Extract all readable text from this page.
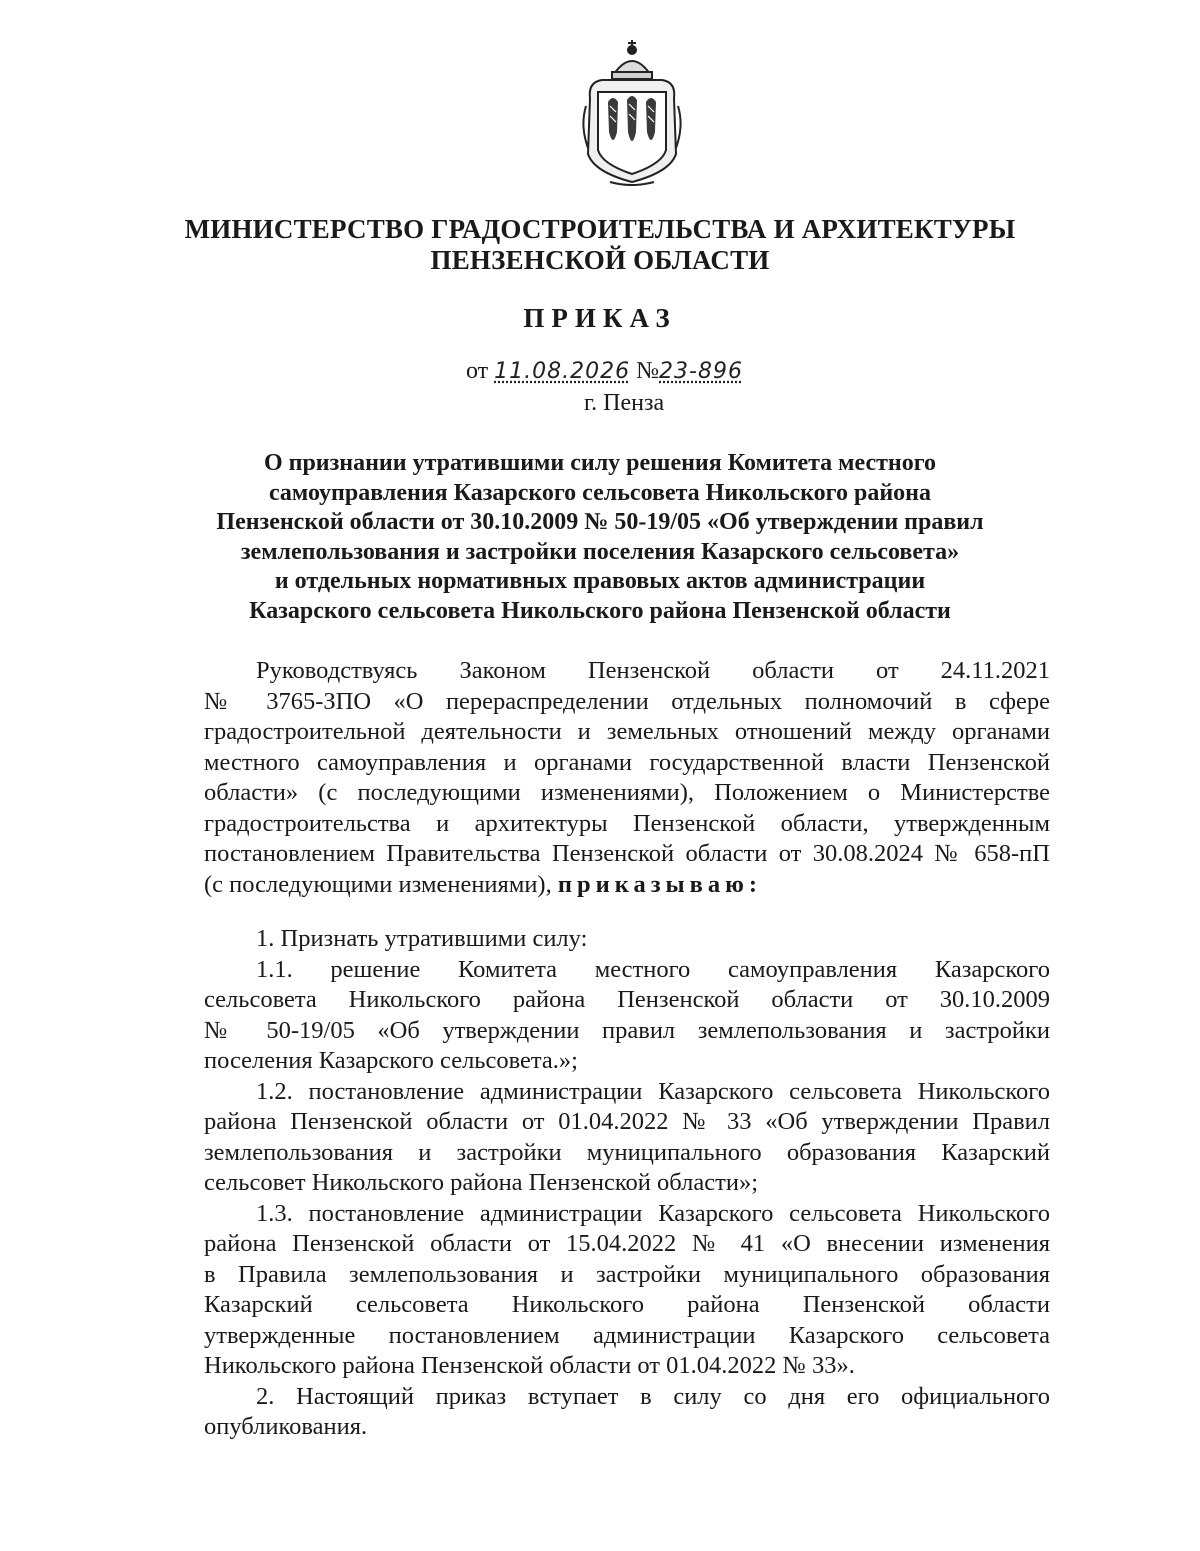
МИНИСТЕРСТВО ГРАДОСТРОИТЕЛЬСТВА И АРХИТЕКТУРЫ
ПЕНЗЕНСКОЙ ОБЛАСТИ
ПРИКАЗ
от 11.08.2026 №23-896
г. Пенза
О признании утратившими силу решения Комитета местного
самоуправления Казарского сельсовета Никольского района
Пензенской области от 30.10.2009 № 50-19/05 «Об утверждении правил
землепользования и застройки поселения Казарского сельсовета»
и отдельных нормативных правовых актов администрации
Казарского сельсовета Никольского района Пензенской области
Руководствуясь Законом Пензенской области от 24.11.2021
№ 3765-ЗПО «О перераспределении отдельных полномочий в сфере
градостроительной деятельности и земельных отношений между органами
местного самоуправления и органами государственной власти Пензенской
области» (с последующими изменениями), Положением о Министерстве
градостроительства и архитектуры Пензенской области, утвержденным
постановлением Правительства Пензенской области от 30.08.2024 № 658-пП
(с последующими изменениями), приказываю:
1. Признать утратившими силу:
1.1. решение Комитета местного самоуправления Казарского
сельсовета Никольского района Пензенской области от 30.10.2009
№ 50-19/05 «Об утверждении правил землепользования и застройки
поселения Казарского сельсовета.»;
1.2. постановление администрации Казарского сельсовета Никольского
района Пензенской области от 01.04.2022 № 33 «Об утверждении Правил
землепользования и застройки муниципального образования Казарский
сельсовет Никольского района Пензенской области»;
1.3. постановление администрации Казарского сельсовета Никольского
района Пензенской области от 15.04.2022 № 41 «О внесении изменения
в Правила землепользования и застройки муниципального образования
Казарский сельсовета Никольского района Пензенской области
утвержденные постановлением администрации Казарского сельсовета
Никольского района Пензенской области от 01.04.2022 № 33».
2. Настоящий приказ вступает в силу со дня его официального
опубликования.
